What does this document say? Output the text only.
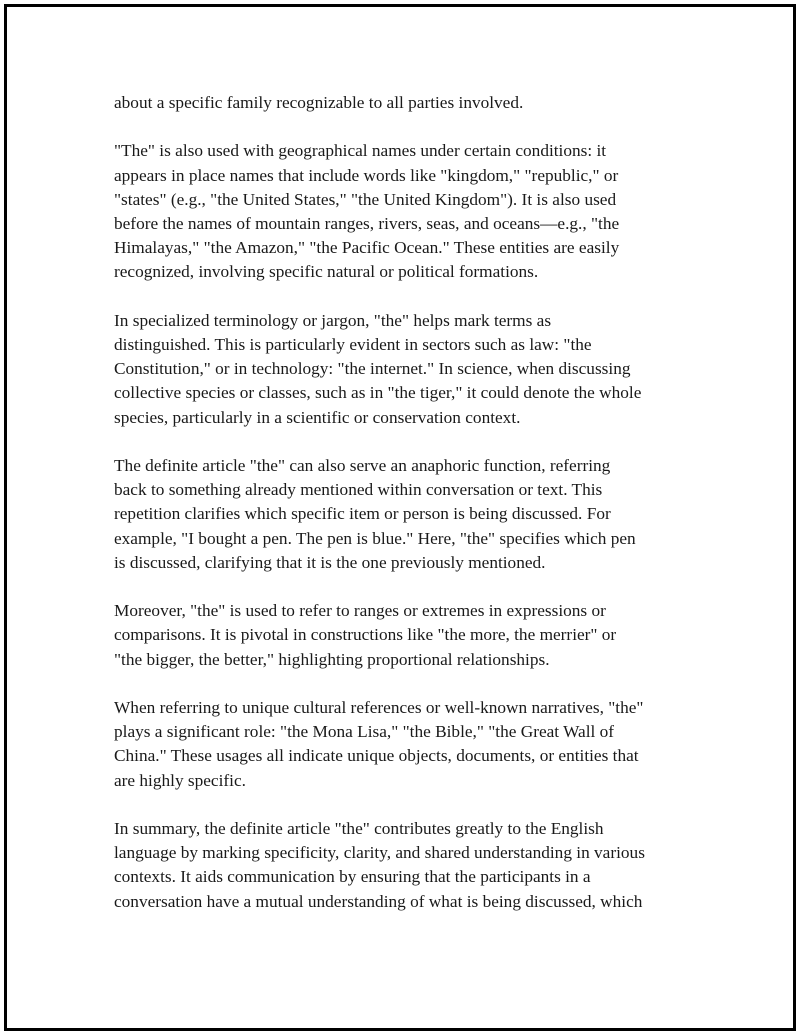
about a specific family recognizable to all parties involved.

"The" is also used with geographical names under certain conditions: it
appears in place names that include words like "kingdom," "republic," or
"states" (e.g., "the United States," "the United Kingdom"). It is also used
before the names of mountain ranges, rivers, seas, and oceans—e.g., "the
Himalayas," "the Amazon," "the Pacific Ocean." These entities are easily
recognized, involving specific natural or political formations.

In specialized terminology or jargon, "the" helps mark terms as
distinguished. This is particularly evident in sectors such as law: "the
Constitution," or in technology: "the internet." In science, when discussing
collective species or classes, such as in "the tiger," it could denote the whole
species, particularly in a scientific or conservation context.

The definite article "the" can also serve an anaphoric function, referring
back to something already mentioned within conversation or text. This
repetition clarifies which specific item or person is being discussed. For
example, "I bought a pen. The pen is blue." Here, "the" specifies which pen
is discussed, clarifying that it is the one previously mentioned.

Moreover, "the" is used to refer to ranges or extremes in expressions or
comparisons. It is pivotal in constructions like "the more, the merrier" or
"the bigger, the better," highlighting proportional relationships.

When referring to unique cultural references or well-known narratives, "the"
plays a significant role: "the Mona Lisa," "the Bible," "the Great Wall of
China." These usages all indicate unique objects, documents, or entities that
are highly specific.

In summary, the definite article "the" contributes greatly to the English
language by marking specificity, clarity, and shared understanding in various
contexts. It aids communication by ensuring that the participants in a
conversation have a mutual understanding of what is being discussed, which
